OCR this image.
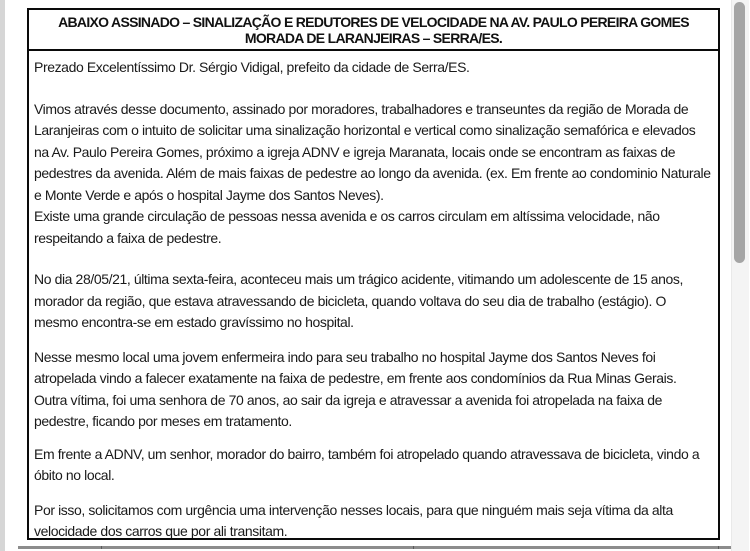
ABAIXO ASSINADO – SINALIZAÇÃO E REDUTORES DE VELOCIDADE NA AV. PAULO PEREIRA GOMES
MORADA DE LARANJEIRAS – SERRA/ES.

Prezado Excelentíssimo Dr. Sérgio Vidigal, prefeito da cidade de Serra/ES.

Vimos através desse documento, assinado por moradores, trabalhadores e transeuntes da região de Morada de Laranjeiras com o intuito de solicitar uma sinalização horizontal e vertical como sinalização semafórica e elevados na Av. Paulo Pereira Gomes, próximo a igreja ADNV e igreja Maranata, locais onde se encontram as faixas de pedestres da avenida. Além de mais faixas de pedestre ao longo da avenida. (ex. Em frente ao condominio Naturale e Monte Verde e após o hospital Jayme dos Santos Neves).

Existe uma grande circulação de pessoas nessa avenida e os carros circulam em altíssima velocidade, não respeitando a faixa de pedestre.

No dia 28/05/21, última sexta-feira, aconteceu mais um trágico acidente, vitimando um adolescente de 15 anos, morador da região, que estava atravessando de bicicleta, quando voltava do seu dia de trabalho (estágio). O mesmo encontra-se em estado gravíssimo no hospital.

Nesse mesmo local uma jovem enfermeira indo para seu trabalho no hospital Jayme dos Santos Neves foi atropelada vindo a falecer exatamente na faixa de pedestre, em frente aos condomínios da Rua Minas Gerais. Outra vítima, foi uma senhora de 70 anos, ao sair da igreja e atravessar a avenida foi atropelada na faixa de pedestre, ficando por meses em tratamento.

Em frente a ADNV, um senhor, morador do bairro, também foi atropelado quando atravessava de bicicleta, vindo a óbito no local.

Por isso, solicitamos com urgência uma intervenção nesses locais, para que ninguém mais seja vítima da alta velocidade dos carros que por ali transitam.
